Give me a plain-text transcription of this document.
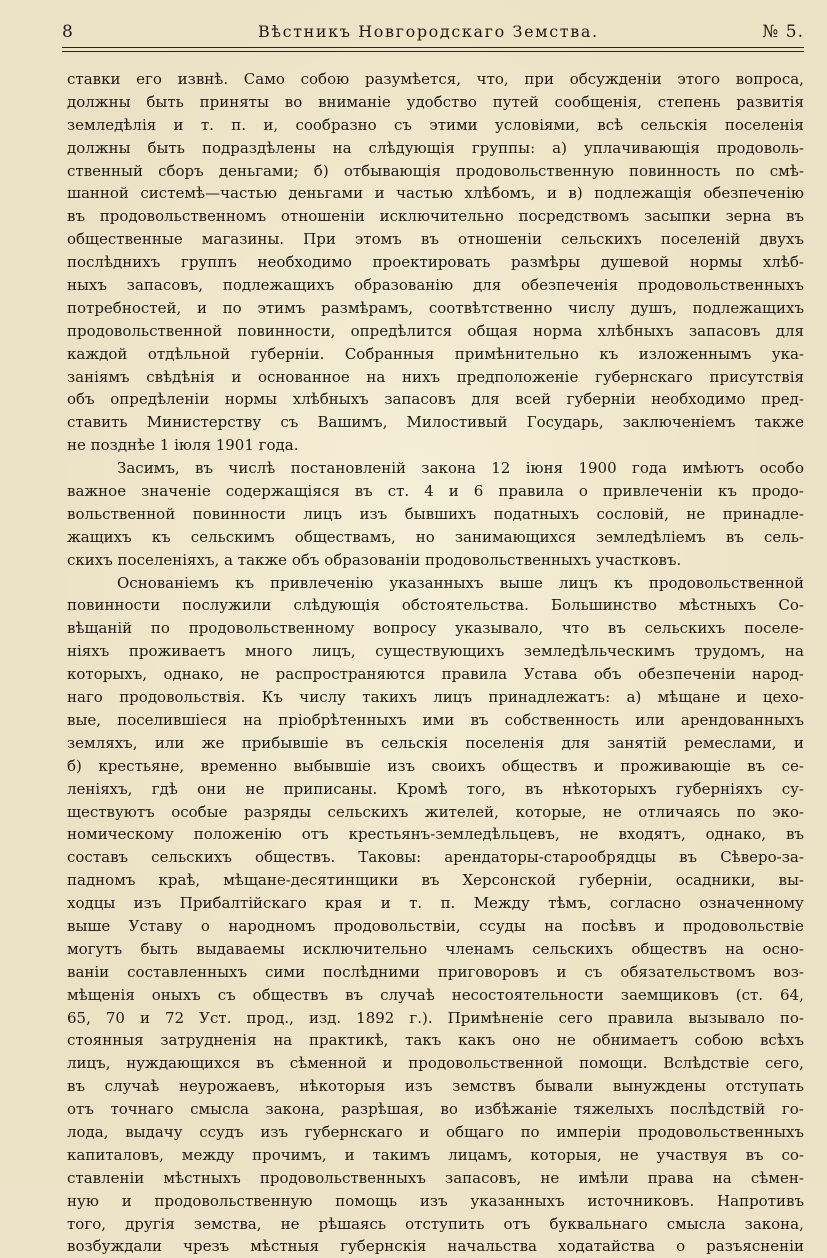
8	Вѣстникъ Новгородскаго Земства.	№ 5.
ставки его извнѣ. Само собою разумѣется, что, при обсужденіи этого вопроса,
должны быть приняты во вниманіе удобство путей сообщенія, степень развитія
земледѣлія и т. п. и, сообразно съ этими условіями, всѣ сельскія поселенія
должны быть подраздѣлены на слѣдующія группы: а) уплачивающія продоволь-
ственный сборъ деньгами; б) отбывающія продовольственную повинность по смѣ-
шанной системѣ—частью деньгами и частью хлѣбомъ, и в) подлежащія обезпеченію
въ продовольственномъ отношеніи исключительно посредствомъ засыпки зерна въ
общественные магазины. При этомъ въ отношеніи сельскихъ поселеній двухъ
послѣднихъ группъ необходимо проектировать размѣры душевой нормы хлѣб-
ныхъ запасовъ, подлежащихъ образованію для обезпеченія продовольственныхъ
потребностей, и по этимъ размѣрамъ, соотвѣтственно числу душъ, подлежащихъ
продовольственной повинности, опредѣлится общая норма хлѣбныхъ запасовъ для
каждой отдѣльной губерніи. Собранныя примѣнительно къ изложеннымъ ука-
заніямъ свѣдѣнія и основанное на нихъ предположеніе губернскаго присутствія
объ опредѣленіи нормы хлѣбныхъ запасовъ для всей губерніи необходимо пред-
ставить Министерству съ Вашимъ, Милостивый Государь, заключеніемъ также
не позднѣе 1 іюля 1901 года.
Засимъ, въ числѣ постановленій закона 12 іюня 1900 года имѣютъ особо
важное значеніе содержащіяся въ ст. 4 и 6 правила о привлеченіи къ продо-
вольственной повинности лицъ изъ бывшихъ податныхъ сословій, не принадле-
жащихъ къ сельскимъ обществамъ, но занимающихся земледѣліемъ въ сель-
скихъ поселеніяхъ, а также объ образованіи продовольственныхъ участковъ.
Основаніемъ къ привлеченію указанныхъ выше лицъ къ продовольственной
повинности послужили слѣдующія обстоятельства. Большинство мѣстныхъ Со-
вѣщаній по продовольственному вопросу указывало, что въ сельскихъ поселе-
ніяхъ проживаетъ много лицъ, существующихъ земледѣльческимъ трудомъ, на
которыхъ, однако, не распространяются правила Устава объ обезпеченіи народ-
наго продовольствія. Къ числу такихъ лицъ принадлежатъ: а) мѣщане и цехо-
вые, поселившіеся на пріобрѣтенныхъ ими въ собственность или арендованныхъ
земляхъ, или же прибывшіе въ сельскія поселенія для занятій ремеслами, и
б) крестьяне, временно выбывшіе изъ своихъ обществъ и проживающіе въ се-
леніяхъ, гдѣ они не приписаны. Кромѣ того, въ нѣкоторыхъ губерніяхъ су-
ществуютъ особые разряды сельскихъ жителей, которые, не отличаясь по эко-
номическому положенію отъ крестьянъ-земледѣльцевъ, не входятъ, однако, въ
составъ сельскихъ обществъ. Таковы: арендаторы-старообрядцы въ Сѣверо-за-
падномъ краѣ, мѣщане-десятинщики въ Херсонской губерніи, осадники, вы-
ходцы изъ Прибалтійскаго края и т. п. Между тѣмъ, согласно означенному
выше Уставу о народномъ продовольствіи, ссуды на посѣвъ и продовольствіе
могутъ быть выдаваемы исключительно членамъ сельскихъ обществъ на осно-
ваніи составленныхъ сими послѣдними приговоровъ и съ обязательствомъ воз-
мѣщенія оныхъ съ обществъ въ случаѣ несостоятельности заемщиковъ (ст. 64,
65, 70 и 72 Уст. прод., изд. 1892 г.). Примѣненіе сего правила вызывало по-
стоянныя затрудненія на практикѣ, такъ какъ оно не обнимаетъ собою всѣхъ
лицъ, нуждающихся въ сѣменной и продовольственной помощи. Вслѣдствіе сего,
въ случаѣ неурожаевъ, нѣкоторыя изъ земствъ бывали вынуждены отступать
отъ точнаго смысла закона, разрѣшая, во избѣжаніе тяжелыхъ послѣдствій го-
лода, выдачу ссудъ изъ губернскаго и общаго по имперіи продовольственныхъ
капиталовъ, между прочимъ, и такимъ лицамъ, которыя, не участвуя въ со-
ставленіи мѣстныхъ продовольственныхъ запасовъ, не имѣли права на сѣмен-
ную и продовольственную помощь изъ указанныхъ источниковъ. Напротивъ
того, другія земства, не рѣшаясь отступить отъ буквальнаго смысла закона,
возбуждали чрезъ мѣстныя губернскія начальства ходатайства о разъясненіи
